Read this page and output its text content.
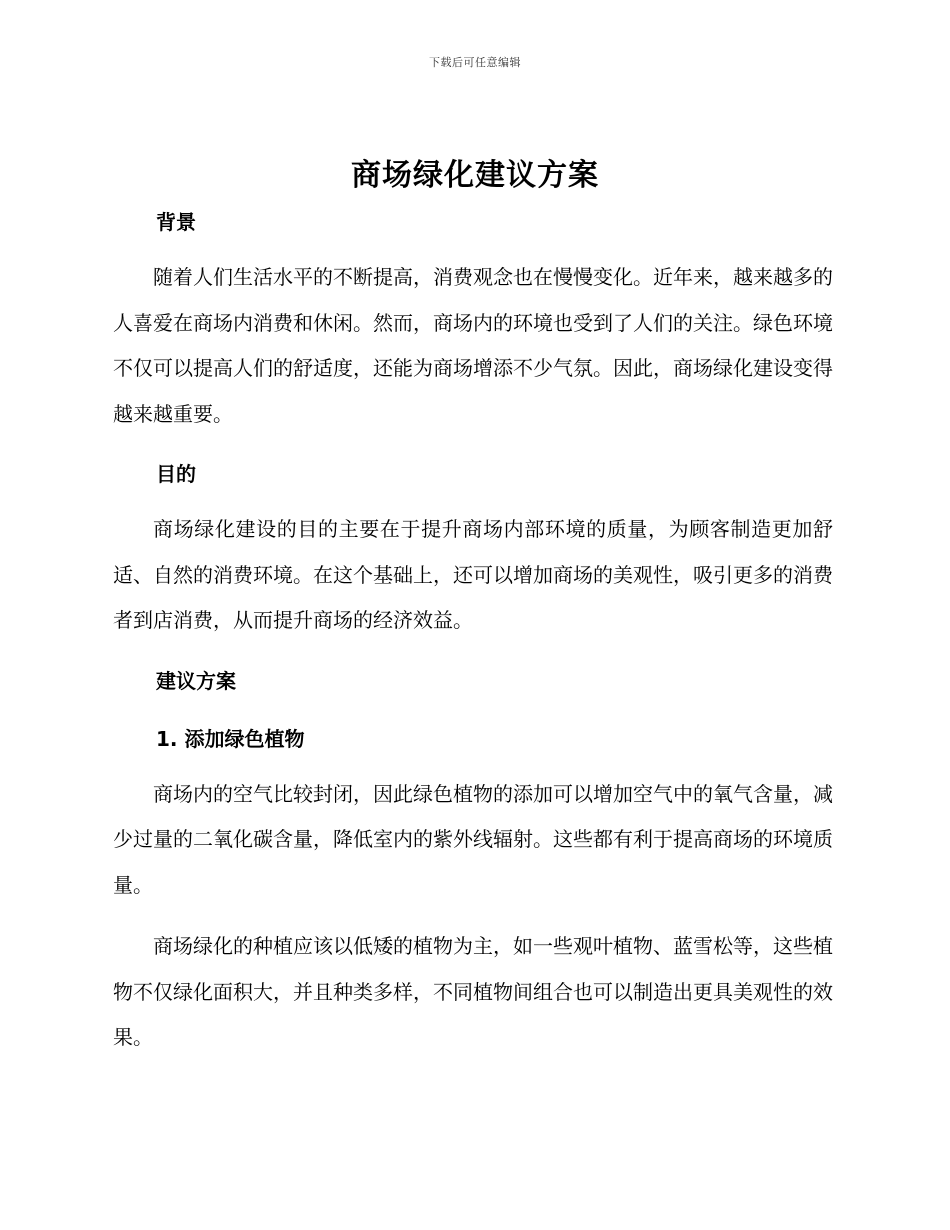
下载后可任意编辑
商场绿化建议方案
背景

随着人们生活水平的不断提高，消费观念也在慢慢变化。近年来，越来越多的人喜爱在商场内消费和休闲。然而，商场内的环境也受到了人们的关注。绿色环境不仅可以提高人们的舒适度，还能为商场增添不少气氛。因此，商场绿化建设变得越来越重要。

目的

商场绿化建设的目的主要在于提升商场内部环境的质量，为顾客制造更加舒适、自然的消费环境。在这个基础上，还可以增加商场的美观性，吸引更多的消费者到店消费，从而提升商场的经济效益。

建议方案
1. 添加绿色植物

商场内的空气比较封闭，因此绿色植物的添加可以增加空气中的氧气含量，减少过量的二氧化碳含量，降低室内的紫外线辐射。这些都有利于提高商场的环境质量。

商场绿化的种植应该以低矮的植物为主，如一些观叶植物、蓝雪松等，这些植物不仅绿化面积大，并且种类多样，不同植物间组合也可以制造出更具美观性的效果。
